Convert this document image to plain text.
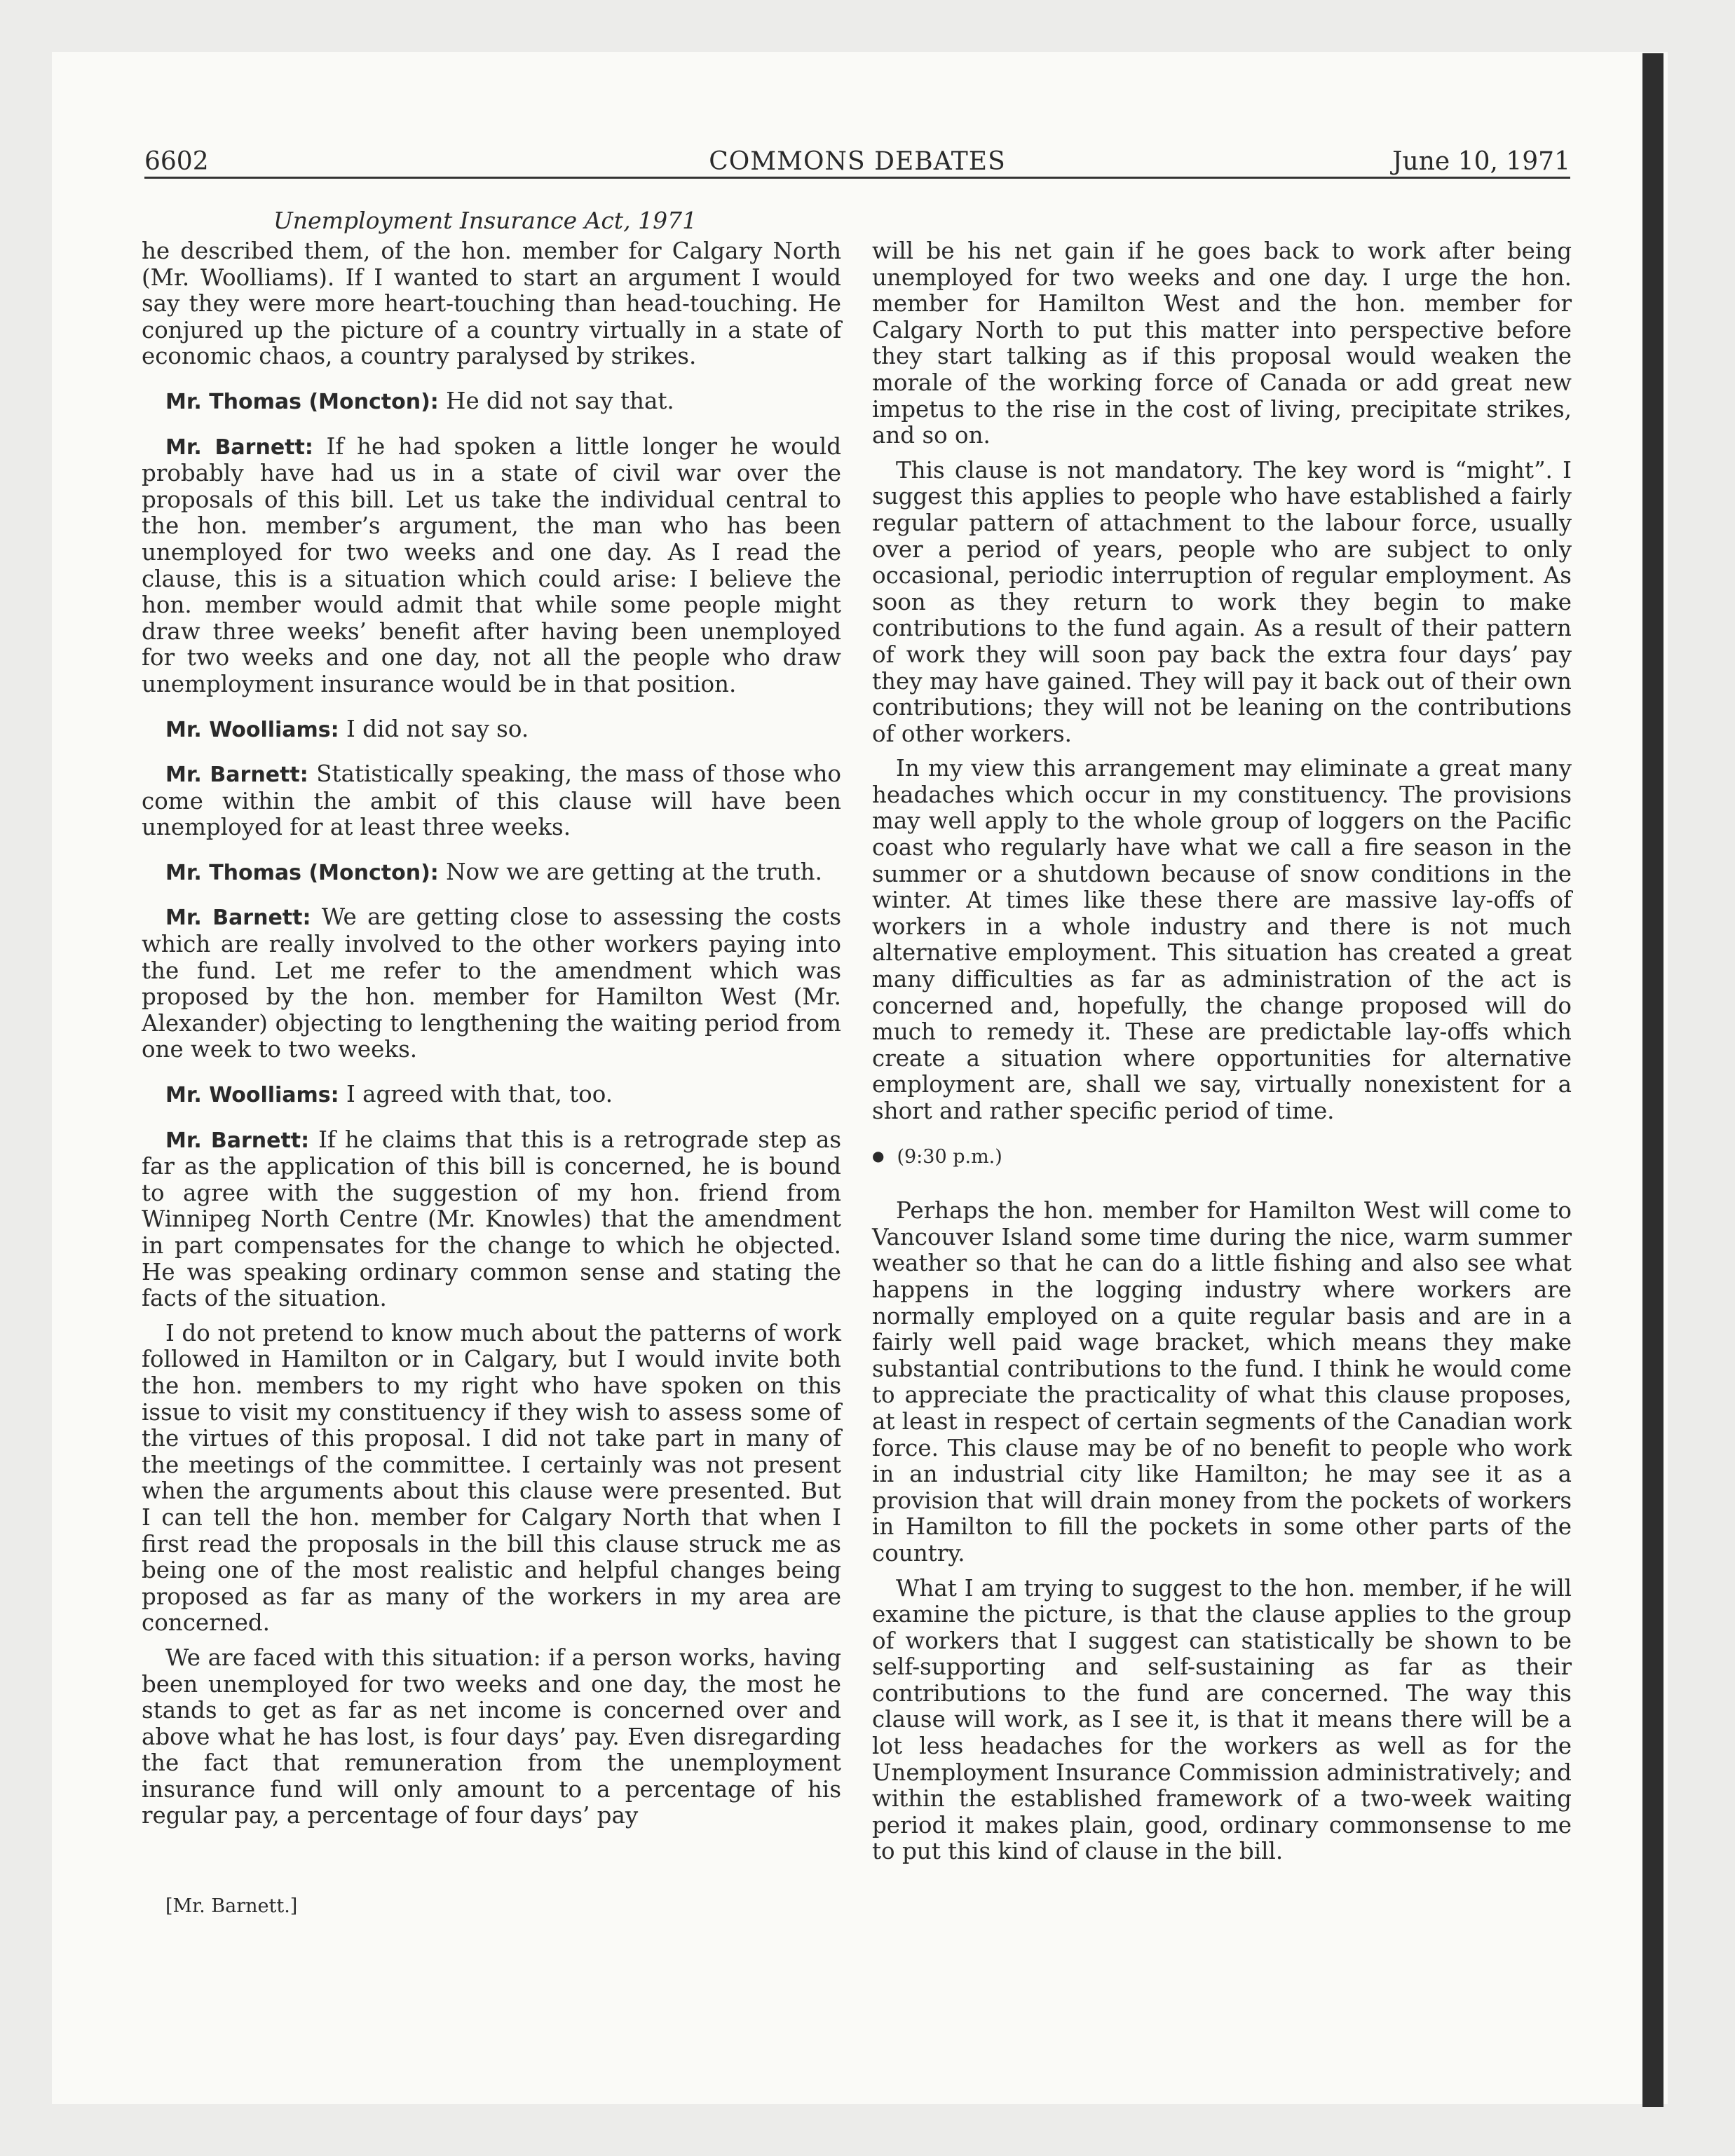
6602	COMMONS DEBATES	June 10, 1971
Unemployment Insurance Act, 1971

he described them, of the hon. member for Calgary North (Mr. Woolliams). If I wanted to start an argument I would say they were more heart-touching than head-touching. He conjured up the picture of a country virtually in a state of economic chaos, a country paralysed by strikes.

Mr. Thomas (Moncton): He did not say that.

Mr. Barnett: If he had spoken a little longer he would probably have had us in a state of civil war over the proposals of this bill. Let us take the individual central to the hon. member’s argument, the man who has been unemployed for two weeks and one day. As I read the clause, this is a situation which could arise: I believe the hon. member would admit that while some people might draw three weeks’ benefit after having been unemployed for two weeks and one day, not all the people who draw unemployment insurance would be in that position.

Mr. Woolliams: I did not say so.

Mr. Barnett: Statistically speaking, the mass of those who come within the ambit of this clause will have been unemployed for at least three weeks.

Mr. Thomas (Moncton): Now we are getting at the truth.

Mr. Barnett: We are getting close to assessing the costs which are really involved to the other workers paying into the fund. Let me refer to the amendment which was proposed by the hon. member for Hamilton West (Mr. Alexander) objecting to lengthening the waiting period from one week to two weeks.

Mr. Woolliams: I agreed with that, too.

Mr. Barnett: If he claims that this is a retrograde step as far as the application of this bill is concerned, he is bound to agree with the suggestion of my hon. friend from Winnipeg North Centre (Mr. Knowles) that the amendment in part compensates for the change to which he objected. He was speaking ordinary common sense and stating the facts of the situation.

I do not pretend to know much about the patterns of work followed in Hamilton or in Calgary, but I would invite both the hon. members to my right who have spoken on this issue to visit my constituency if they wish to assess some of the virtues of this proposal. I did not take part in many of the meetings of the committee. I certainly was not present when the arguments about this clause were presented. But I can tell the hon. member for Calgary North that when I first read the proposals in the bill this clause struck me as being one of the most realistic and helpful changes being proposed as far as many of the workers in my area are concerned.

We are faced with this situation: if a person works, having been unemployed for two weeks and one day, the most he stands to get as far as net income is concerned over and above what he has lost, is four days’ pay. Even disregarding the fact that remuneration from the unemployment insurance fund will only amount to a percentage of his regular pay, a percentage of four days’ pay

will be his net gain if he goes back to work after being unemployed for two weeks and one day. I urge the hon. member for Hamilton West and the hon. member for Calgary North to put this matter into perspective before they start talking as if this proposal would weaken the morale of the working force of Canada or add great new impetus to the rise in the cost of living, precipitate strikes, and so on.

This clause is not mandatory. The key word is “might”. I suggest this applies to people who have established a fairly regular pattern of attachment to the labour force, usually over a period of years, people who are subject to only occasional, periodic interruption of regular employment. As soon as they return to work they begin to make contributions to the fund again. As a result of their pattern of work they will soon pay back the extra four days’ pay they may have gained. They will pay it back out of their own contributions; they will not be leaning on the contributions of other workers.

In my view this arrangement may eliminate a great many headaches which occur in my constituency. The provisions may well apply to the whole group of loggers on the Pacific coast who regularly have what we call a fire season in the summer or a shutdown because of snow conditions in the winter. At times like these there are massive lay-offs of workers in a whole industry and there is not much alternative employment. This situation has created a great many difficulties as far as administration of the act is concerned and, hopefully, the change proposed will do much to remedy it. These are predictable lay-offs which create a situation where opportunities for alternative employment are, shall we say, virtually nonexistent for a short and rather specific period of time.

● (9:30 p.m.)

Perhaps the hon. member for Hamilton West will come to Vancouver Island some time during the nice, warm summer weather so that he can do a little fishing and also see what happens in the logging industry where workers are normally employed on a quite regular basis and are in a fairly well paid wage bracket, which means they make substantial contributions to the fund. I think he would come to appreciate the practicality of what this clause proposes, at least in respect of certain segments of the Canadian work force. This clause may be of no benefit to people who work in an industrial city like Hamilton; he may see it as a provision that will drain money from the pockets of workers in Hamilton to fill the pockets in some other parts of the country.

What I am trying to suggest to the hon. member, if he will examine the picture, is that the clause applies to the group of workers that I suggest can statistically be shown to be self-supporting and self-sustaining as far as their contributions to the fund are concerned. The way this clause will work, as I see it, is that it means there will be a lot less headaches for the workers as well as for the Unemployment Insurance Commission administratively; and within the established framework of a two-week waiting period it makes plain, good, ordinary commonsense to me to put this kind of clause in the bill.

[Mr. Barnett.]
